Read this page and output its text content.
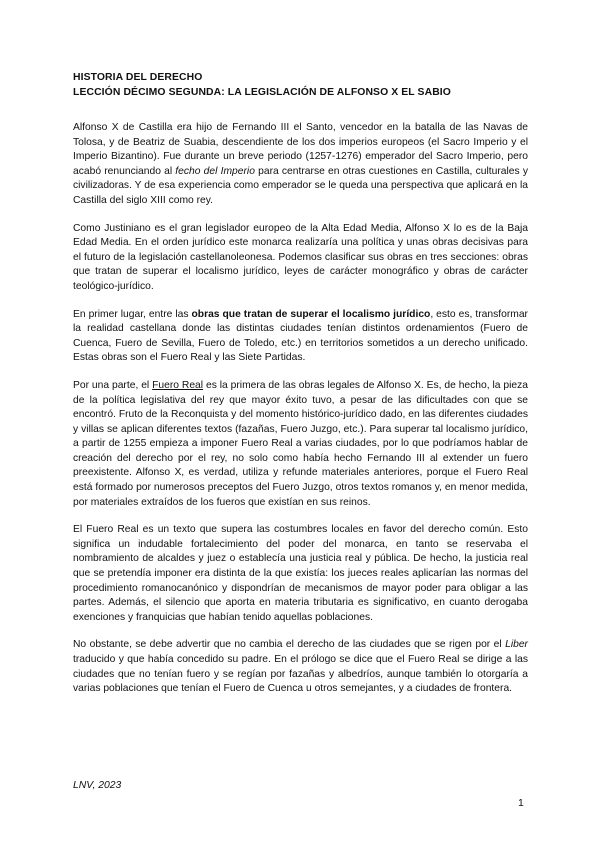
HISTORIA DEL DERECHO

LECCIÓN DÉCIMO SEGUNDA: LA LEGISLACIÓN DE ALFONSO X EL SABIO

Alfonso X de Castilla era hijo de Fernando III el Santo, vencedor en la batalla de las Navas de Tolosa, y de Beatriz de Suabia, descendiente de los dos imperios europeos (el Sacro Imperio y el Imperio Bizantino). Fue durante un breve periodo (1257-1276) emperador del Sacro Imperio, pero acabó renunciando al fecho del Imperio para centrarse en otras cuestiones en Castilla, culturales y civilizadoras. Y de esa experiencia como emperador se le queda una perspectiva que aplicará en la Castilla del siglo XIII como rey.

Como Justiniano es el gran legislador europeo de la Alta Edad Media, Alfonso X lo es de la Baja Edad Media. En el orden jurídico este monarca realizaría una política y unas obras decisivas para el futuro de la legislación castellanoleonesa. Podemos clasificar sus obras en tres secciones: obras que tratan de superar el localismo jurídico, leyes de carácter monográfico y obras de carácter teológico-jurídico.

En primer lugar, entre las obras que tratan de superar el localismo jurídico, esto es, transformar la realidad castellana donde las distintas ciudades tenían distintos ordenamientos (Fuero de Cuenca, Fuero de Sevilla, Fuero de Toledo, etc.) en territorios sometidos a un derecho unificado. Estas obras son el Fuero Real y las Siete Partidas.

Por una parte, el Fuero Real es la primera de las obras legales de Alfonso X. Es, de hecho, la pieza de la política legislativa del rey que mayor éxito tuvo, a pesar de las dificultades con que se encontró. Fruto de la Reconquista y del momento histórico-jurídico dado, en las diferentes ciudades y villas se aplican diferentes textos (fazañas, Fuero Juzgo, etc.). Para superar tal localismo jurídico, a partir de 1255 empieza a imponer Fuero Real a varias ciudades, por lo que podríamos hablar de creación del derecho por el rey, no solo como había hecho Fernando III al extender un fuero preexistente. Alfonso X, es verdad, utiliza y refunde materiales anteriores, porque el Fuero Real está formado por numerosos preceptos del Fuero Juzgo, otros textos romanos y, en menor medida, por materiales extraídos de los fueros que existían en sus reinos.

El Fuero Real es un texto que supera las costumbres locales en favor del derecho común. Esto significa un indudable fortalecimiento del poder del monarca, en tanto se reservaba el nombramiento de alcaldes y juez o establecía una justicia real y pública. De hecho, la justicia real que se pretendía imponer era distinta de la que existía: los jueces reales aplicarían las normas del procedimiento romanocanónico y dispondrían de mecanismos de mayor poder para obligar a las partes. Además, el silencio que aporta en materia tributaria es significativo, en cuanto derogaba exenciones y franquicias que habían tenido aquellas poblaciones.

No obstante, se debe advertir que no cambia el derecho de las ciudades que se rigen por el Liber traducido y que había concedido su padre. En el prólogo se dice que el Fuero Real se dirige a las ciudades que no tenían fuero y se regían por fazañas y albedríos, aunque también lo otorgaría a varias poblaciones que tenían el Fuero de Cuenca u otros semejantes, y a ciudades de frontera.

LNV, 2023
1
